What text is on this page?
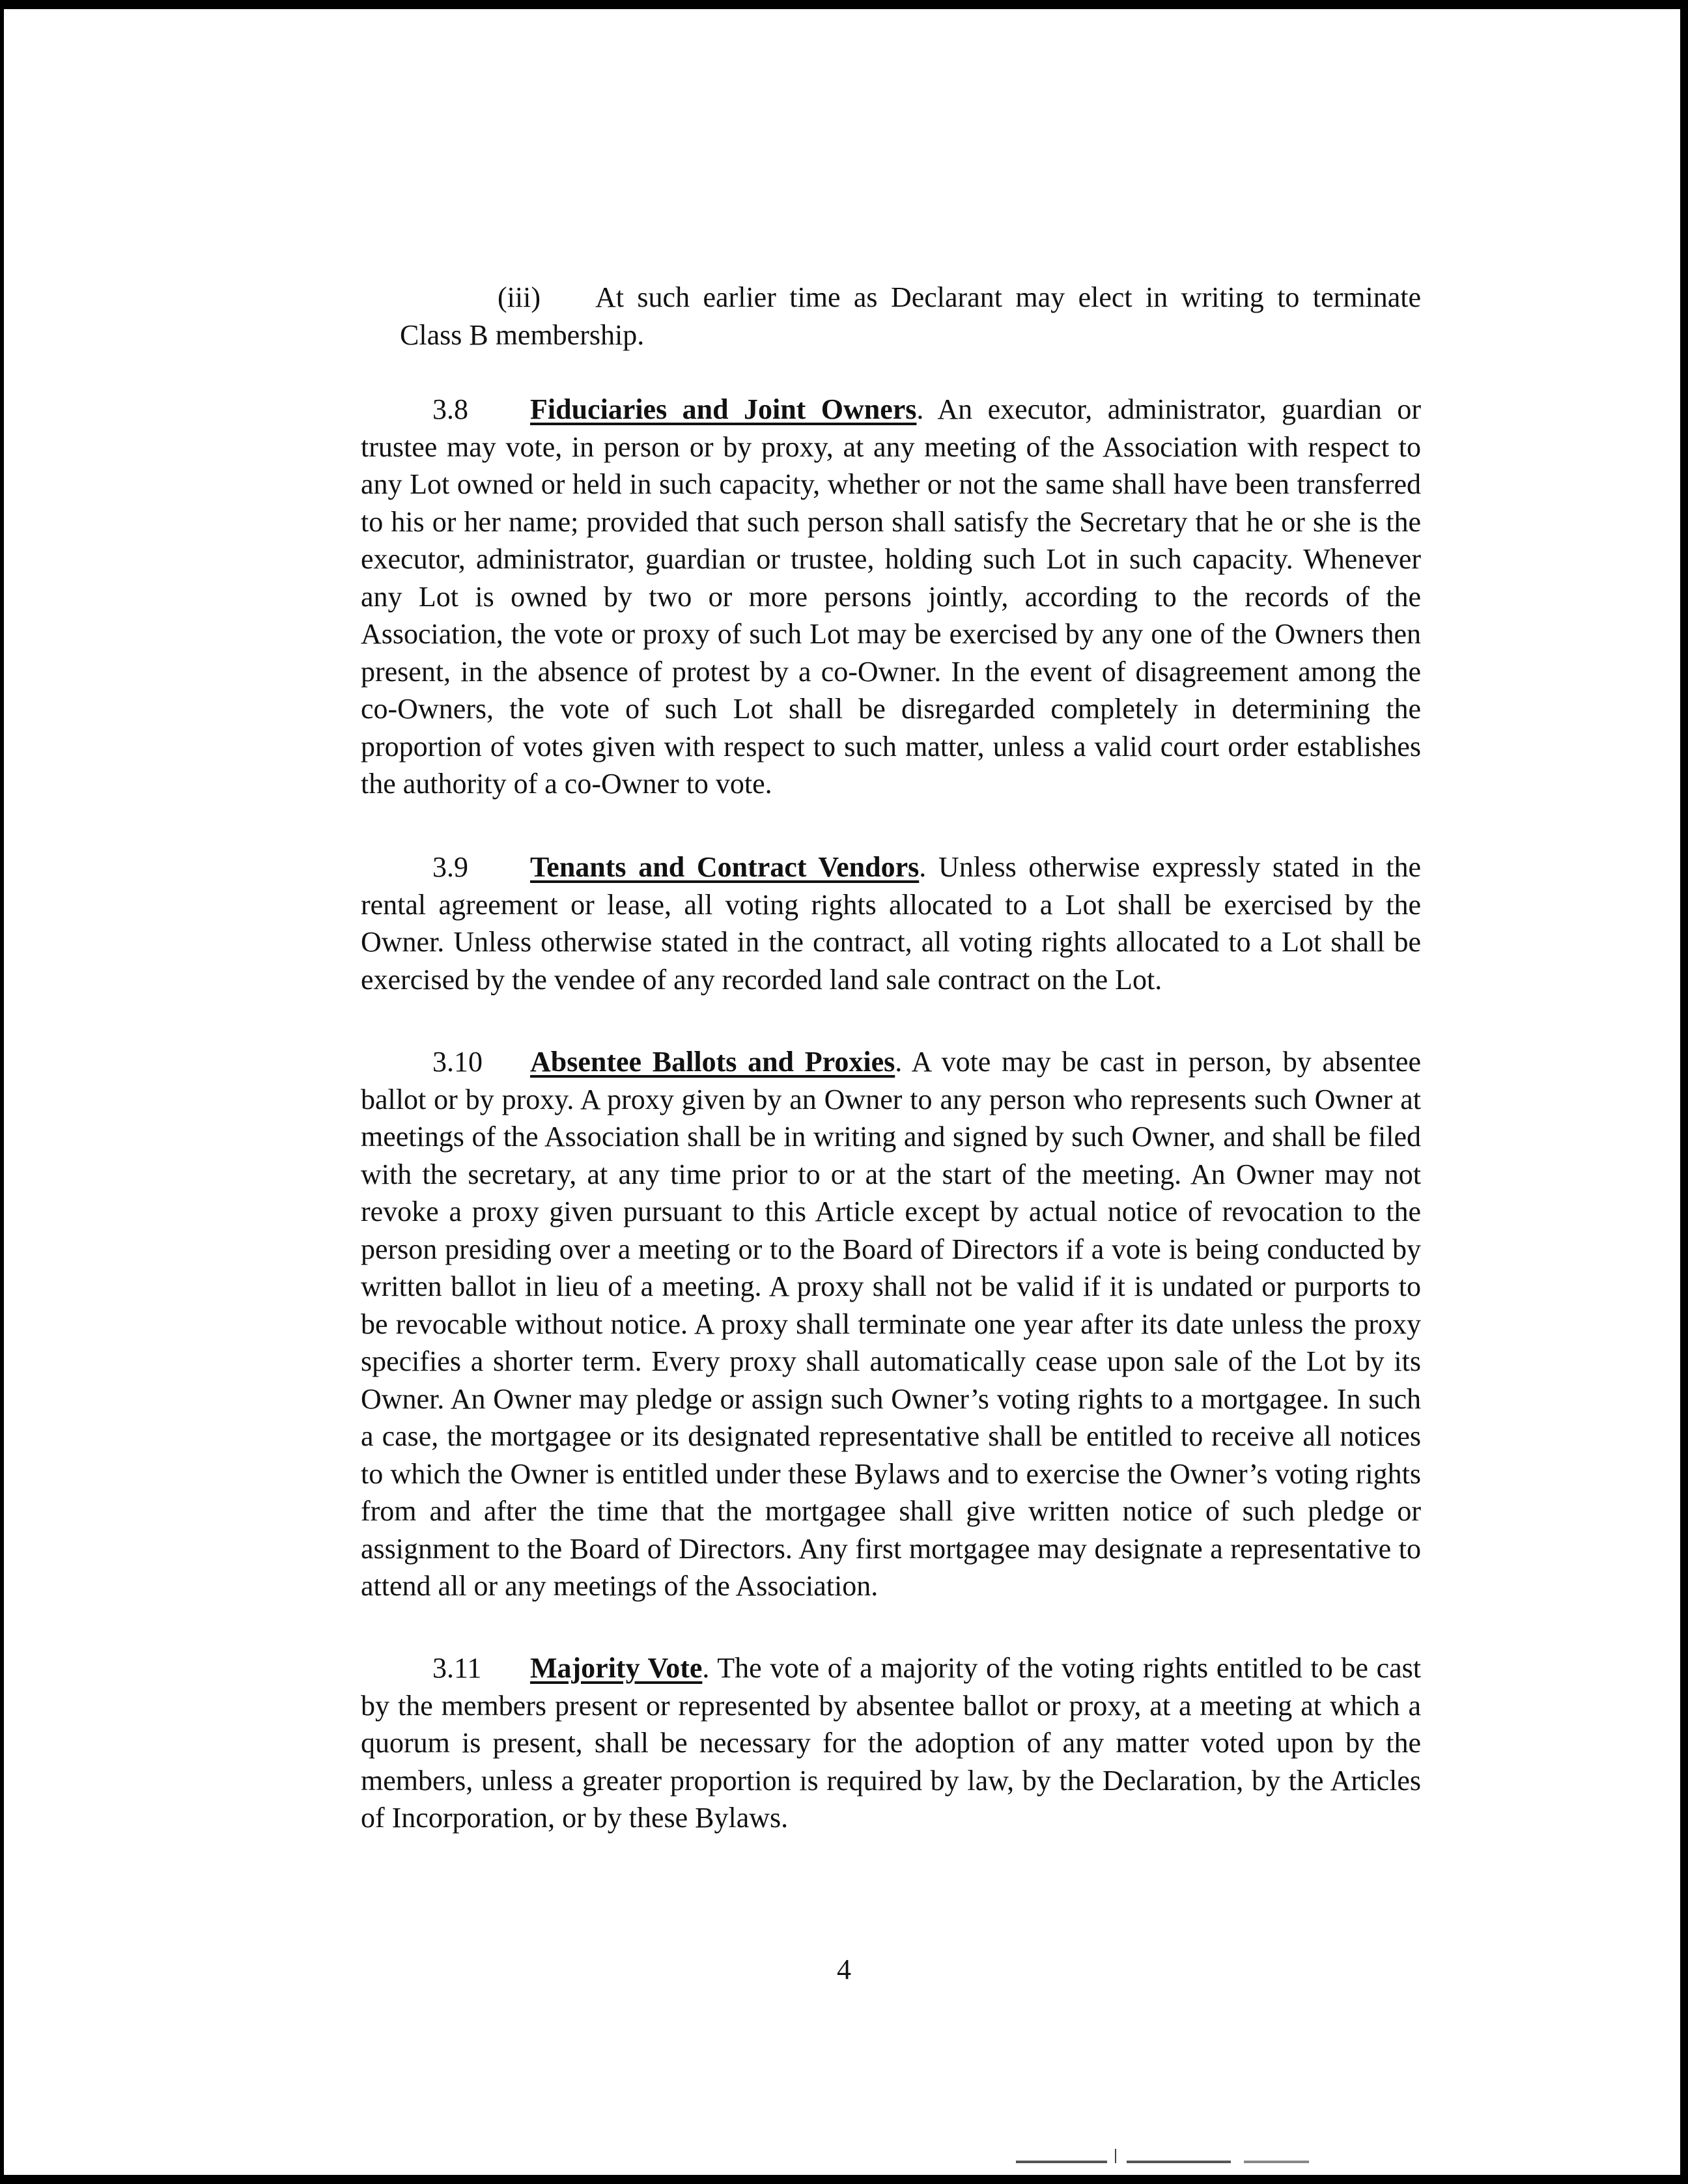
(iii) At such earlier time as Declarant may elect in writing to terminate Class B membership.

3.8 Fiduciaries and Joint Owners. An executor, administrator, guardian or trustee may vote, in person or by proxy, at any meeting of the Association with respect to any Lot owned or held in such capacity, whether or not the same shall have been transferred to his or her name; provided that such person shall satisfy the Secretary that he or she is the executor, administrator, guardian or trustee, holding such Lot in such capacity. Whenever any Lot is owned by two or more persons jointly, according to the records of the Association, the vote or proxy of such Lot may be exercised by any one of the Owners then present, in the absence of protest by a co-Owner. In the event of disagreement among the co-Owners, the vote of such Lot shall be disregarded completely in determining the proportion of votes given with respect to such matter, unless a valid court order establishes the authority of a co-Owner to vote.

3.9 Tenants and Contract Vendors. Unless otherwise expressly stated in the rental agreement or lease, all voting rights allocated to a Lot shall be exercised by the Owner. Unless otherwise stated in the contract, all voting rights allocated to a Lot shall be exercised by the vendee of any recorded land sale contract on the Lot.

3.10 Absentee Ballots and Proxies. A vote may be cast in person, by absentee ballot or by proxy. A proxy given by an Owner to any person who represents such Owner at meetings of the Association shall be in writing and signed by such Owner, and shall be filed with the secretary, at any time prior to or at the start of the meeting. An Owner may not revoke a proxy given pursuant to this Article except by actual notice of revocation to the person presiding over a meeting or to the Board of Directors if a vote is being conducted by written ballot in lieu of a meeting. A proxy shall not be valid if it is undated or purports to be revocable without notice. A proxy shall terminate one year after its date unless the proxy specifies a shorter term. Every proxy shall automatically cease upon sale of the Lot by its Owner. An Owner may pledge or assign such Owner’s voting rights to a mortgagee. In such a case, the mortgagee or its designated representative shall be entitled to receive all notices to which the Owner is entitled under these Bylaws and to exercise the Owner’s voting rights from and after the time that the mortgagee shall give written notice of such pledge or assignment to the Board of Directors. Any first mortgagee may designate a representative to attend all or any meetings of the Association.

3.11 Majority Vote. The vote of a majority of the voting rights entitled to be cast by the members present or represented by absentee ballot or proxy, at a meeting at which a quorum is present, shall be necessary for the adoption of any matter voted upon by the members, unless a greater proportion is required by law, by the Declaration, by the Articles of Incorporation, or by these Bylaws.

4
